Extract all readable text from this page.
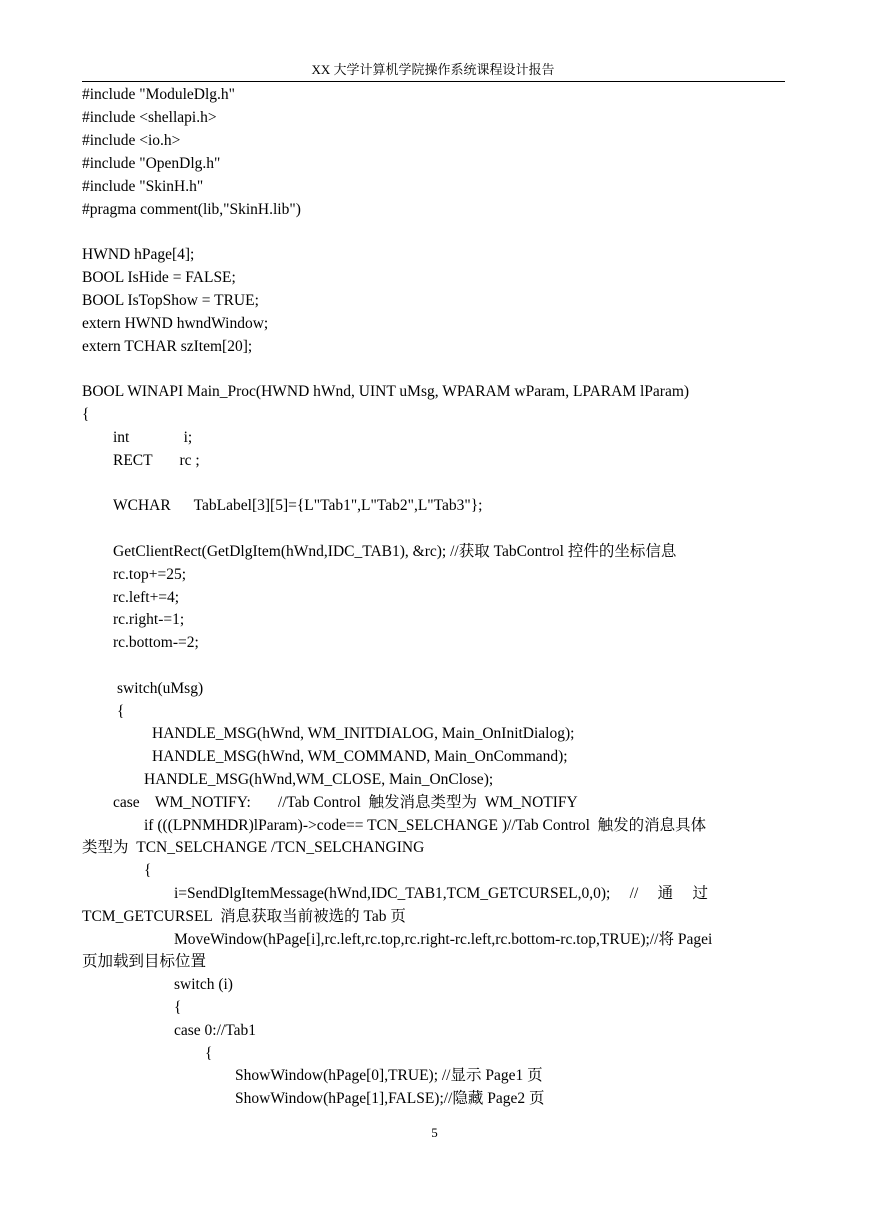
XX 大学计算机学院操作系统课程设计报告
#include "ModuleDlg.h"
#include <shellapi.h>
#include <io.h>
#include "OpenDlg.h"
#include "SkinH.h"
#pragma comment(lib,"SkinH.lib")
HWND hPage[4];
BOOL IsHide = FALSE;
BOOL IsTopShow = TRUE;
extern HWND hwndWindow;
extern TCHAR szItem[20];
BOOL WINAPI Main_Proc(HWND hWnd, UINT uMsg, WPARAM wParam, LPARAM lParam)
{
int              i;
RECT       rc ;
WCHAR      TabLabel[3][5]={L"Tab1",L"Tab2",L"Tab3"};
GetClientRect(GetDlgItem(hWnd,IDC_TAB1), &rc); //获取 TabControl 控件的坐标信息
rc.top+=25;
rc.left+=4;
rc.right-=1;
rc.bottom-=2;
switch(uMsg)
{
HANDLE_MSG(hWnd, WM_INITDIALOG, Main_OnInitDialog);
HANDLE_MSG(hWnd, WM_COMMAND, Main_OnCommand);
HANDLE_MSG(hWnd,WM_CLOSE, Main_OnClose);
case    WM_NOTIFY:       //Tab Control  触发消息类型为  WM_NOTIFY
if (((LPNMHDR)lParam)->code== TCN_SELCHANGE )//Tab Control  触发的消息具体
类型为  TCN_SELCHANGE /TCN_SELCHANGING
{
i=SendDlgItemMessage(hWnd,IDC_TAB1,TCM_GETCURSEL,0,0);     //     通     过
TCM_GETCURSEL  消息获取当前被选的 Tab 页
MoveWindow(hPage[i],rc.left,rc.top,rc.right-rc.left,rc.bottom-rc.top,TRUE);//将 Pagei
页加载到目标位置
switch (i)
{
case 0://Tab1
{
ShowWindow(hPage[0],TRUE); //显示 Page1 页
ShowWindow(hPage[1],FALSE);//隐藏 Page2 页
5
